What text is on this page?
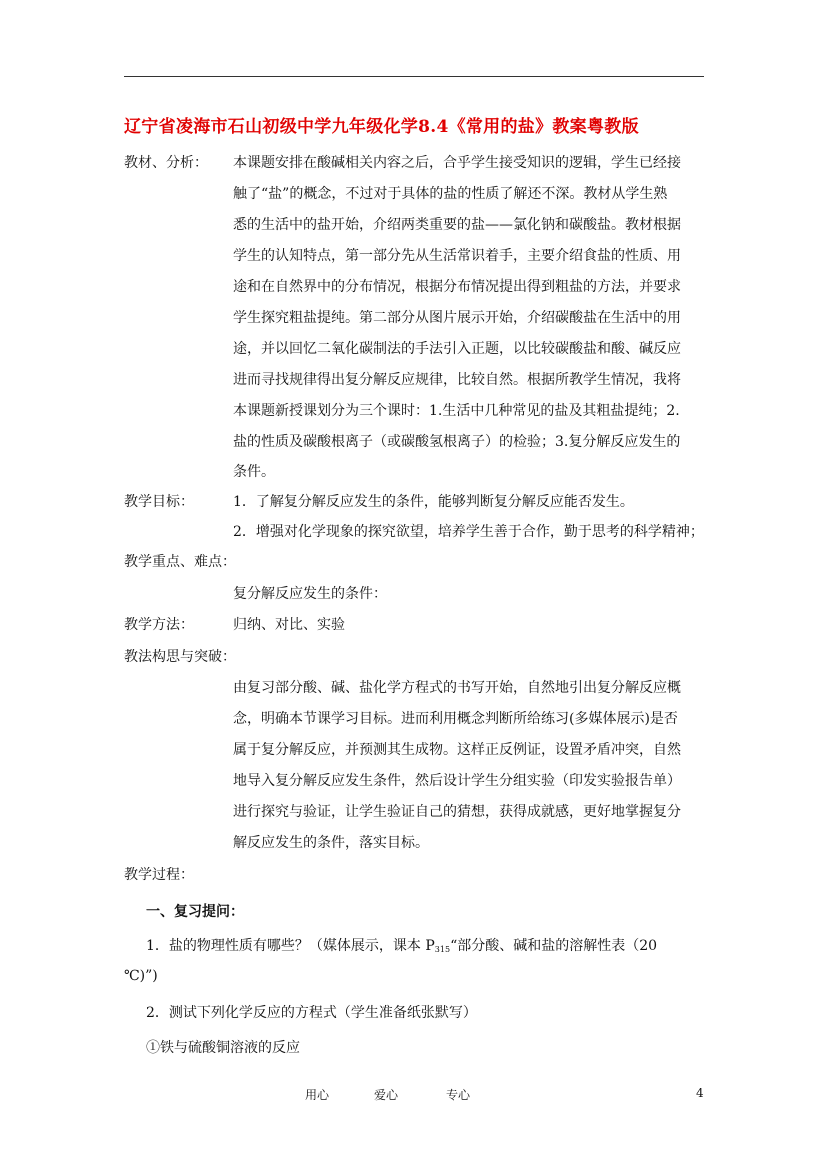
辽宁省凌海市石山初级中学九年级化学8.4《常用的盐》教案粤教版
教材、分析： 本课题安排在酸碱相关内容之后，合乎学生接受知识的逻辑，学生已经接
触了“盐”的概念，不过对于具体的盐的性质了解还不深。教材从学生熟
悉的生活中的盐开始，介绍两类重要的盐——氯化钠和碳酸盐。教材根据
学生的认知特点，第一部分先从生活常识着手，主要介绍食盐的性质、用
途和在自然界中的分布情况，根据分布情况提出得到粗盐的方法，并要求
学生探究粗盐提纯。第二部分从图片展示开始，介绍碳酸盐在生活中的用
途，并以回忆二氧化碳制法的手法引入正题，以比较碳酸盐和酸、碱反应
进而寻找规律得出复分解反应规律，比较自然。根据所教学生情况，我将
本课题新授课划分为三个课时：1.生活中几种常见的盐及其粗盐提纯；2.
盐的性质及碳酸根离子（或碳酸氢根离子）的检验；3.复分解反应发生的
条件。
教学目标：	1．了解复分解反应发生的条件，能够判断复分解反应能否发生。
2．增强对化学现象的探究欲望，培养学生善于合作，勤于思考的科学精神；
教学重点、难点：
复分解反应发生的条件：
教学方法：	归纳、对比、实验
教法构思与突破：
由复习部分酸、碱、盐化学方程式的书写开始，自然地引出复分解反应概
念，明确本节课学习目标。进而利用概念判断所给练习(多媒体展示)是否
属于复分解反应，并预测其生成物。这样正反例证，设置矛盾冲突，自然
地导入复分解反应发生条件，然后设计学生分组实验（印发实验报告单）
进行探究与验证，让学生验证自己的猜想，获得成就感，更好地掌握复分
解反应发生的条件，落实目标。
教学过程：
一、复习提问：
1．盐的物理性质有哪些？（媒体展示，课本 $P_{315}“$部分酸、碱和盐的溶解性表（20
℃)”)
2．测试下列化学反应的方程式（学生准备纸张默写）
①铁与硫酸铜溶液的反应
用心	爱心	专心	4
